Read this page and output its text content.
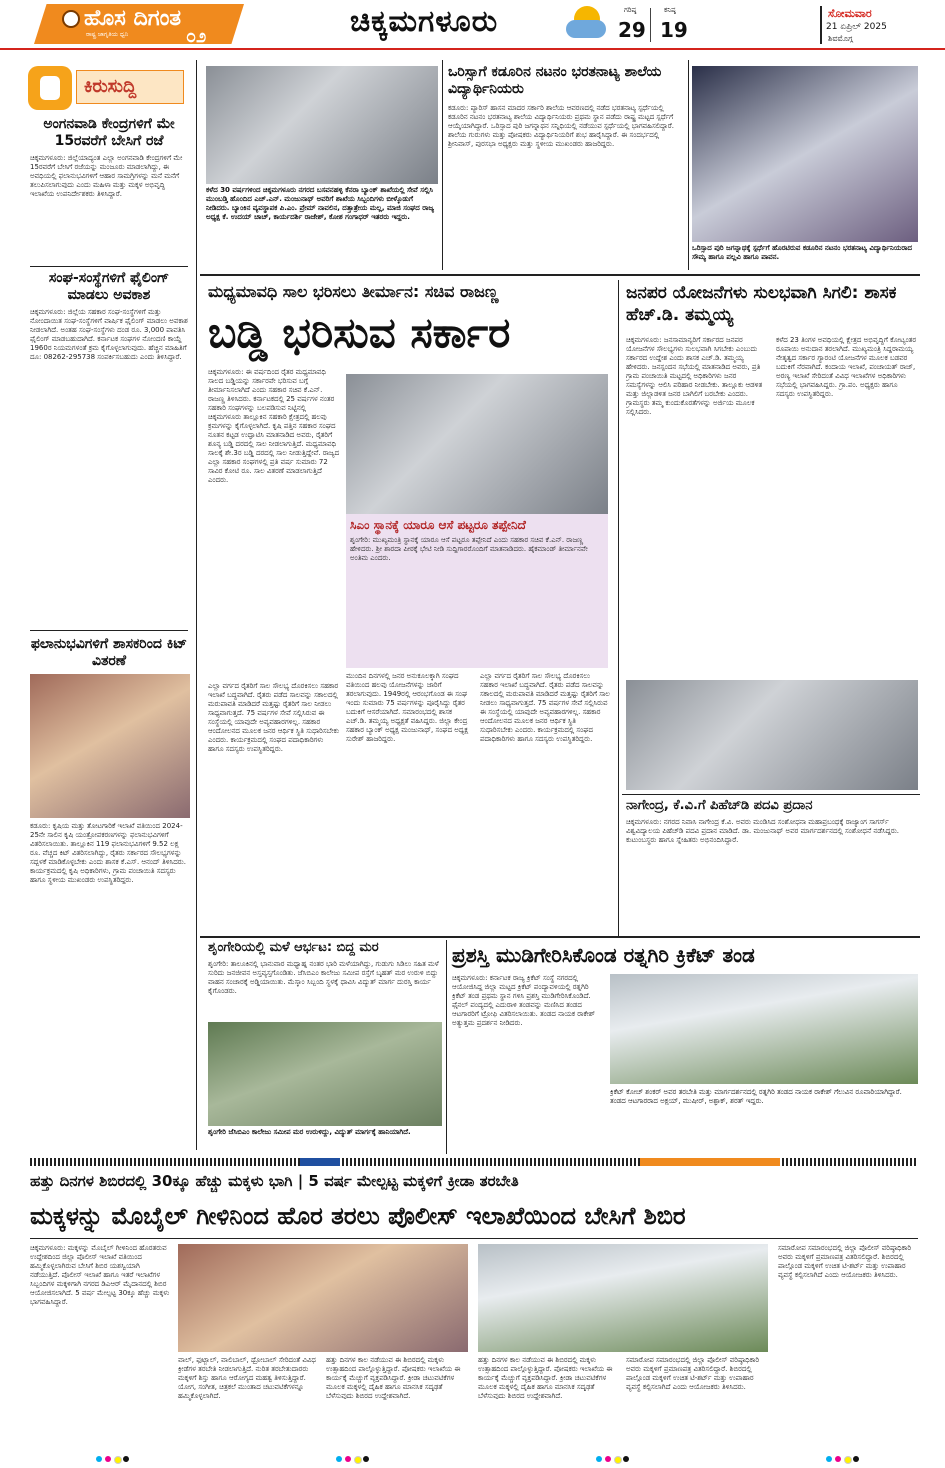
ಹೊಸ ದಿಗಂತ
ರಾಷ್ಟ್ರ ಜಾಗೃತಿಯ ಧ್ವನಿ	೦೨	ಚಿಕ್ಕಮಗಳೂರು	ಗರಿಷ್ಠ
29
ಕನಿಷ್ಠ
19
ಸೋಮವಾರ
21 ಏಪ್ರಿಲ್ 2025
ಶಿವಮೊಗ್ಗ
ಕಿರುಸುದ್ದಿ
ಅಂಗನವಾಡಿ ಕೇಂದ್ರಗಳಿಗೆ ಮೇ 15ರವರೆಗೆ ಬೇಸಿಗೆ ರಜೆ
ಚಿಕ್ಕಮಗಳೂರು: ಜಿಲ್ಲೆಯಾದ್ಯಂತ ಎಲ್ಲಾ ಅಂಗನವಾಡಿ ಕೇಂದ್ರಗಳಿಗೆ ಮೇ 15ರವರೆಗೆ ಬೇಸಿಗೆ ರಜೆಯನ್ನು ಮಂಜೂರು ಮಾಡಲಾಗಿದ್ದು, ಈ ಅವಧಿಯಲ್ಲಿ ಫಲಾನುಭವಿಗಳಿಗೆ ಆಹಾರ ಸಾಮಗ್ರಿಗಳನ್ನು ಮನೆ ಮನೆಗೆ ತಲುಪಿಸಲಾಗುವುದು ಎಂದು ಮಹಿಳಾ ಮತ್ತು ಮಕ್ಕಳ ಅಭಿವೃದ್ಧಿ ಇಲಾಖೆಯ ಉಪನಿರ್ದೇಶಕರು ತಿಳಿಸಿದ್ದಾರೆ.
ಸಂಘ-ಸಂಸ್ಥೆಗಳಿಗೆ ಫೈಲಿಂಗ್ ಮಾಡಲು ಅವಕಾಶ
ಚಿಕ್ಕಮಗಳೂರು: ಜಿಲ್ಲೆಯ ಸಹಕಾರ ಸಂಘ-ಸಂಸ್ಥೆಗಳಿಗೆ ಮತ್ತು ನೋಂದಾಯಿತ ಸಂಘ-ಸಂಸ್ಥೆಗಳಿಗೆ ವಾರ್ಷಿಕ ಫೈಲಿಂಗ್ ಮಾಡಲು ಅವಕಾಶ ನೀಡಲಾಗಿದೆ. ಅಂತಹ ಸಂಘ-ಸಂಸ್ಥೆಗಳು ದಂಡ ರೂ. 3,000 ಪಾವತಿಸಿ ಫೈಲಿಂಗ್ ಮಾಡಬಹುದಾಗಿದೆ. ಕರ್ನಾಟಕ ಸಂಘಗಳ ನೋಂದಣಿ ಕಾಯ್ದೆ 1960ರ ನಿಯಮಗಳಂತೆ ಕ್ರಮ ಕೈಗೊಳ್ಳಲಾಗುವುದು. ಹೆಚ್ಚಿನ ಮಾಹಿತಿಗೆ ದೂ: 08262-295738 ಸಂಪರ್ಕಿಸಬಹುದು ಎಂದು ತಿಳಿಸಿದ್ದಾರೆ.
ಫಲಾನುಭವಿಗಳಿಗೆ ಶಾಸಕರಿಂದ ಕಿಟ್ ವಿತರಣೆ
ಕಡೂರು: ಕೃಷಿಯ ಮತ್ತು ತೋಟಗಾರಿಕೆ ಇಲಾಖೆ ವತಿಯಿಂದ 2024-25ನೇ ಸಾಲಿನ ಕೃಷಿ ಯಂತ್ರೋಪಕರಣಗಳನ್ನು ಫಲಾನುಭವಿಗಳಿಗೆ ವಿತರಿಸಲಾಯಿತು. ತಾಲ್ಲೂಕಿನ 119 ಫಲಾನುಭವಿಗಳಿಗೆ 9.52 ಲಕ್ಷ ರೂ. ವೆಚ್ಚದ ಕಿಟ್ ವಿತರಿಸಲಾಗಿದ್ದು, ರೈತರು ಸರ್ಕಾರದ ಸೌಲಭ್ಯಗಳನ್ನು ಸದ್ಬಳಕೆ ಮಾಡಿಕೊಳ್ಳಬೇಕು ಎಂದು ಶಾಸಕ ಕೆ.ಎಸ್. ಆನಂದ್ ತಿಳಿಸಿದರು. ಕಾರ್ಯಕ್ರಮದಲ್ಲಿ ಕೃಷಿ ಅಧಿಕಾರಿಗಳು, ಗ್ರಾಮ ಪಂಚಾಯಿತಿ ಸದಸ್ಯರು ಹಾಗೂ ಸ್ಥಳೀಯ ಮುಖಂಡರು ಉಪಸ್ಥಿತರಿದ್ದರು.
ಕಳೆದ 30 ವರ್ಷಗಳಿಂದ ಚಿಕ್ಕಮಗಳೂರು ನಗರದ ಬಸವನಹಳ್ಳಿ ಕೆನರಾ ಬ್ಯಾಂಕ್ ಶಾಖೆಯಲ್ಲಿ ಸೇವೆ ಸಲ್ಲಿಸಿ ಮುಂಬಡ್ತಿ ಹೊಂದಿದ ಎಚ್.ಎನ್. ಮಂಜುನಾಥ್ ಅವರಿಗೆ ಶಾಖೆಯ ಸಿಬ್ಬಂದಿಗಳು ಬೀಳ್ಕೊಡುಗೆ ನೀಡಿದರು. ಬ್ಯಾಂಕಿನ ವ್ಯವಸ್ಥಾಪಕ ಪಿ.ಎಂ. ಪ್ರೇಮ್ ನಾವಲಿನ, ದತ್ತಾತ್ರೇಯ ಮಲ್ಲ, ಮಾಜಿ ಸಂಘದ ರಾಜ್ಯ ಅಧ್ಯಕ್ಷ ಕೆ. ಉದಯ್ ಚಾಚ್, ಕಾರ್ಯದರ್ಶಿ ರಾಜೇಶ್, ಕೋಶ ಗಂಗಾಧರ್ ಇತರರು ಇದ್ದರು.
ಒರಿಸ್ಸಾಗೆ ಕಡೂರಿನ ನಟನಂ ಭರತನಾಟ್ಯ ಶಾಲೆಯ ವಿದ್ಯಾರ್ಥಿನಿಯರು
ಕಡೂರು: ಪ್ಯಾರಿಸ್ ಹಾಸನ ಮಾದರ ಸರ್ಕಾರಿ ಶಾಲೆಯ ಆವರಣದಲ್ಲಿ ನಡೆದ ಭರತನಾಟ್ಯ ಸ್ಪರ್ಧೆಯಲ್ಲಿ ಕಡೂರಿನ ನಟನಂ ಭರತನಾಟ್ಯ ಶಾಲೆಯ ವಿದ್ಯಾರ್ಥಿನಿಯರು ಪ್ರಥಮ ಸ್ಥಾನ ಪಡೆದು ರಾಷ್ಟ್ರ ಮಟ್ಟದ ಸ್ಪರ್ಧೆಗೆ ಆಯ್ಕೆಯಾಗಿದ್ದಾರೆ. ಒರಿಸ್ಸಾದ ಪುರಿ ಜಗನ್ನಾಥನ ಸನ್ನಿಧಿಯಲ್ಲಿ ನಡೆಯುವ ಸ್ಪರ್ಧೆಯಲ್ಲಿ ಭಾಗವಹಿಸಲಿದ್ದಾರೆ. ಶಾಲೆಯ ಗುರುಗಳು ಮತ್ತು ಪೋಷಕರು ವಿದ್ಯಾರ್ಥಿನಿಯರಿಗೆ ಶುಭ ಹಾರೈಸಿದ್ದಾರೆ. ಈ ಸಂದರ್ಭದಲ್ಲಿ ಶ್ರೀನಿವಾಸ್, ಪುರಸಭಾ ಅಧ್ಯಕ್ಷರು ಮತ್ತು ಸ್ಥಳೀಯ ಮುಖಂಡರು ಹಾಜರಿದ್ದರು.
ಒರಿಸ್ಸಾದ ಪುರಿ ಜಗನ್ನಾಥಕ್ಕೆ ಸ್ಪರ್ಧೆಗೆ ಹೊರಟಿರುವ ಕಡೂರಿನ ನಟನಂ ಭರತನಾಟ್ಯ ವಿದ್ಯಾರ್ಥಿನಿಯರಾದ ಸೌಮ್ಯ ಹಾಗೂ ಪಲ್ಲವಿ ಹಾಗೂ ಪಾವನ.
ಮಧ್ಯಮಾವಧಿ ಸಾಲ ಭರಿಸಲು ತೀರ್ಮಾನ: ಸಚಿವ ರಾಜಣ್ಣ
ಬಡ್ಡಿ ಭರಿಸುವ ಸರ್ಕಾರ
ಚಿಕ್ಕಮಗಳೂರು: ಈ ವರ್ಷದಿಂದ ರೈತರ ಮಧ್ಯಮಾವಧಿ ಸಾಲದ ಬಡ್ಡಿಯನ್ನು ಸರ್ಕಾರವೇ ಭರಿಸುವ ಬಗ್ಗೆ ತೀರ್ಮಾನಿಸಲಾಗಿದೆ ಎಂದು ಸಹಕಾರ ಸಚಿವ ಕೆ.ಎನ್. ರಾಜಣ್ಣ ತಿಳಿಸಿದರು. ಕರ್ನಾಟಕದಲ್ಲಿ 25 ವರ್ಷಗಳ ನಂತರ ಸಹಕಾರಿ ಸಂಘಗಳನ್ನು ಬಲಪಡಿಸುವ ನಿಟ್ಟಿನಲ್ಲಿ ಚಿಕ್ಕಮಗಳೂರು ತಾಲ್ಲೂಕಿನ ಸಹಕಾರಿ ಕ್ಷೇತ್ರದಲ್ಲಿ ಹಲವು ಕ್ರಮಗಳನ್ನು ಕೈಗೊಳ್ಳಲಾಗಿದೆ. ಕೃಷಿ ಪತ್ತಿನ ಸಹಕಾರ ಸಂಘದ ನೂತನ ಕಟ್ಟಡ ಉದ್ಘಾಟಿಸಿ ಮಾತನಾಡಿದ ಅವರು, ರೈತರಿಗೆ ಶೂನ್ಯ ಬಡ್ಡಿ ದರದಲ್ಲಿ ಸಾಲ ನೀಡಲಾಗುತ್ತಿದೆ. ಮಧ್ಯಮಾವಧಿ ಸಾಲಕ್ಕೆ ಶೇ.3ರ ಬಡ್ಡಿ ದರದಲ್ಲಿ ಸಾಲ ನೀಡುತ್ತಿದ್ದೇವೆ. ರಾಜ್ಯದ ಎಲ್ಲಾ ಸಹಕಾರ ಸಂಘಗಳಲ್ಲಿ ಪ್ರತಿ ವರ್ಷ ಸುಮಾರು 72 ಸಾವಿರ ಕೋಟಿ ರೂ. ಸಾಲ ವಿತರಣೆ ಮಾಡಲಾಗುತ್ತಿದೆ ಎಂದರು.
ಸಿಎಂ ಸ್ಥಾನಕ್ಕೆ ಯಾರೂ ಆಸೆ ಪಟ್ಟರೂ ತಪ್ಪೇನಿದೆ
ಶೃಂಗೇರಿ: ಮುಖ್ಯಮಂತ್ರಿ ಸ್ಥಾನಕ್ಕೆ ಯಾರೂ ಆಸೆ ಪಟ್ಟರೂ ತಪ್ಪೇನಿದೆ ಎಂದು ಸಹಕಾರ ಸಚಿವ ಕೆ.ಎನ್. ರಾಜಣ್ಣ ಹೇಳಿದರು. ಶ್ರೀ ಶಾರದಾ ಪೀಠಕ್ಕೆ ಭೇಟಿ ನೀಡಿ ಸುದ್ದಿಗಾರರೊಂದಿಗೆ ಮಾತನಾಡಿದರು. ಹೈಕಮಾಂಡ್ ತೀರ್ಮಾನವೇ ಅಂತಿಮ ಎಂದರು.
ಎಲ್ಲಾ ವರ್ಗದ ರೈತರಿಗೆ ಸಾಲ ಸೌಲಭ್ಯ ದೊರಕಿಸಲು ಸಹಕಾರ ಇಲಾಖೆ ಬದ್ಧವಾಗಿದೆ. ರೈತರು ಪಡೆದ ಸಾಲವನ್ನು ಸಕಾಲದಲ್ಲಿ ಮರುಪಾವತಿ ಮಾಡಿದರೆ ಮತ್ತಷ್ಟು ರೈತರಿಗೆ ಸಾಲ ನೀಡಲು ಸಾಧ್ಯವಾಗುತ್ತದೆ. 75 ವರ್ಷಗಳ ಸೇವೆ ಸಲ್ಲಿಸಿರುವ ಈ ಸಂಸ್ಥೆಯಲ್ಲಿ ಯಾವುದೇ ಅವ್ಯವಹಾರಗಳಿಲ್ಲ. ಸಹಕಾರ ಆಂದೋಲನದ ಮೂಲಕ ಜನರ ಆರ್ಥಿಕ ಸ್ಥಿತಿ ಸುಧಾರಿಸಬೇಕು ಎಂದರು. ಕಾರ್ಯಕ್ರಮದಲ್ಲಿ ಸಂಘದ ಪದಾಧಿಕಾರಿಗಳು ಹಾಗೂ ಸದಸ್ಯರು ಉಪಸ್ಥಿತರಿದ್ದರು.
ಮುಂದಿನ ದಿನಗಳಲ್ಲಿ ಜನರ ಅನುಕೂಲಕ್ಕಾಗಿ ಸಂಘದ ವತಿಯಿಂದ ಹಲವು ಯೋಜನೆಗಳನ್ನು ಜಾರಿಗೆ ತರಲಾಗುವುದು. 1949ರಲ್ಲಿ ಆರಂಭಗೊಂಡ ಈ ಸಂಘ ಇಂದು ಸುಮಾರು 75 ವರ್ಷಗಳನ್ನು ಪೂರೈಸಿದ್ದು ರೈತರ ಬದುಕಿಗೆ ಆಸರೆಯಾಗಿದೆ. ಸಮಾರಂಭದಲ್ಲಿ ಶಾಸಕ ಎಚ್.ಡಿ. ತಮ್ಮಯ್ಯ ಅಧ್ಯಕ್ಷತೆ ವಹಿಸಿದ್ದರು. ಜಿಲ್ಲಾ ಕೇಂದ್ರ ಸಹಕಾರ ಬ್ಯಾಂಕ್ ಅಧ್ಯಕ್ಷ ಮಂಜುನಾಥ್, ಸಂಘದ ಅಧ್ಯಕ್ಷ ಸುರೇಶ್ ಹಾಜರಿದ್ದರು.
ಎಲ್ಲಾ ವರ್ಗದ ರೈತರಿಗೆ ಸಾಲ ಸೌಲಭ್ಯ ದೊರಕಿಸಲು ಸಹಕಾರ ಇಲಾಖೆ ಬದ್ಧವಾಗಿದೆ. ರೈತರು ಪಡೆದ ಸಾಲವನ್ನು ಸಕಾಲದಲ್ಲಿ ಮರುಪಾವತಿ ಮಾಡಿದರೆ ಮತ್ತಷ್ಟು ರೈತರಿಗೆ ಸಾಲ ನೀಡಲು ಸಾಧ್ಯವಾಗುತ್ತದೆ. 75 ವರ್ಷಗಳ ಸೇವೆ ಸಲ್ಲಿಸಿರುವ ಈ ಸಂಸ್ಥೆಯಲ್ಲಿ ಯಾವುದೇ ಅವ್ಯವಹಾರಗಳಿಲ್ಲ. ಸಹಕಾರ ಆಂದೋಲನದ ಮೂಲಕ ಜನರ ಆರ್ಥಿಕ ಸ್ಥಿತಿ ಸುಧಾರಿಸಬೇಕು ಎಂದರು. ಕಾರ್ಯಕ್ರಮದಲ್ಲಿ ಸಂಘದ ಪದಾಧಿಕಾರಿಗಳು ಹಾಗೂ ಸದಸ್ಯರು ಉಪಸ್ಥಿತರಿದ್ದರು.
ಜನಪರ ಯೋಜನೆಗಳು ಸುಲಭವಾಗಿ ಸಿಗಲಿ: ಶಾಸಕ ಹೆಚ್.ಡಿ. ತಮ್ಮಯ್ಯ
ಚಿಕ್ಕಮಗಳೂರು: ಜನಸಾಮಾನ್ಯರಿಗೆ ಸರ್ಕಾರದ ಜನಪರ ಯೋಜನೆಗಳ ಸೌಲಭ್ಯಗಳು ಸುಲಭವಾಗಿ ಸಿಗಬೇಕು ಎಂಬುದು ಸರ್ಕಾರದ ಉದ್ದೇಶ ಎಂದು ಶಾಸಕ ಎಚ್.ಡಿ. ತಮ್ಮಯ್ಯ ಹೇಳಿದರು. ಜನಸ್ಪಂದನ ಸಭೆಯಲ್ಲಿ ಮಾತನಾಡಿದ ಅವರು, ಪ್ರತಿ ಗ್ರಾಮ ಪಂಚಾಯಿತಿ ಮಟ್ಟದಲ್ಲಿ ಅಧಿಕಾರಿಗಳು ಜನರ ಸಮಸ್ಯೆಗಳನ್ನು ಆಲಿಸಿ ಪರಿಹಾರ ನೀಡಬೇಕು. ತಾಲ್ಲೂಕು ಆಡಳಿತ ಮತ್ತು ಜಿಲ್ಲಾಡಳಿತ ಜನರ ಬಾಗಿಲಿಗೆ ಬರಬೇಕು ಎಂದರು. ಗ್ರಾಮಸ್ಥರು ತಮ್ಮ ಕುಂದುಕೊರತೆಗಳನ್ನು ಅರ್ಜಿಯ ಮೂಲಕ ಸಲ್ಲಿಸಿದರು.
ಕಳೆದ 23 ತಿಂಗಳ ಅವಧಿಯಲ್ಲಿ ಕ್ಷೇತ್ರದ ಅಭಿವೃದ್ಧಿಗೆ ಕೋಟ್ಯಂತರ ರೂಪಾಯಿ ಅನುದಾನ ತರಲಾಗಿದೆ. ಮುಖ್ಯಮಂತ್ರಿ ಸಿದ್ದರಾಮಯ್ಯ ನೇತೃತ್ವದ ಸರ್ಕಾರ ಗ್ಯಾರಂಟಿ ಯೋಜನೆಗಳ ಮೂಲಕ ಬಡವರ ಬದುಕಿಗೆ ನೆರವಾಗಿದೆ. ಕಂದಾಯ ಇಲಾಖೆ, ಪಂಚಾಯತ್ ರಾಜ್, ಅರಣ್ಯ ಇಲಾಖೆ ಸೇರಿದಂತೆ ವಿವಿಧ ಇಲಾಖೆಗಳ ಅಧಿಕಾರಿಗಳು ಸಭೆಯಲ್ಲಿ ಭಾಗವಹಿಸಿದ್ದರು. ಗ್ರಾ.ಪಂ. ಅಧ್ಯಕ್ಷರು ಹಾಗೂ ಸದಸ್ಯರು ಉಪಸ್ಥಿತರಿದ್ದರು.
ನಾಗೇಂದ್ರ, ಕೆ.ವಿ.ಗೆ ಪಿಹೆಚ್‌ಡಿ ಪದವಿ ಪ್ರದಾನ
ಚಿಕ್ಕಮಗಳೂರು: ನಗರದ ನಿವಾಸಿ ನಾಗೇಂದ್ರ ಕೆ.ವಿ. ಅವರು ಮಂಡಿಸಿದ ಸಂಶೋಧನಾ ಮಹಾಪ್ರಬಂಧಕ್ಕೆ ರಾಜ್ಯಾಂಗ ಸಾಗರ್ಸ್ ವಿಶ್ವವಿದ್ಯಾಲಯ ಪಿಹೆಚ್‌ಡಿ ಪದವಿ ಪ್ರದಾನ ಮಾಡಿದೆ. ಡಾ. ಮಂಜುನಾಥ್ ಅವರ ಮಾರ್ಗದರ್ಶನದಲ್ಲಿ ಸಂಶೋಧನೆ ನಡೆಸಿದ್ದರು. ಕುಟುಂಬಸ್ಥರು ಹಾಗೂ ಸ್ನೇಹಿತರು ಅಭಿನಂದಿಸಿದ್ದಾರೆ.
ಶೃಂಗೇರಿಯಲ್ಲಿ ಮಳೆ ಆರ್ಭಟ: ಬಿದ್ದ ಮರ
ಶೃಂಗೇರಿ: ತಾಲೂಕಿನಲ್ಲಿ ಭಾನುವಾರ ಮಧ್ಯಾಹ್ನ ನಂತರ ಭಾರಿ ಮಳೆಯಾಗಿದ್ದು, ಗುಡುಗು ಸಿಡಿಲು ಸಹಿತ ಮಳೆ ಸುರಿದು ಜನಜೀವನ ಅಸ್ತವ್ಯಸ್ತಗೊಂಡಿತು. ಜೆಸಿಬಿಎಂ ಕಾಲೇಜು ಸಮೀಪ ರಸ್ತೆಗೆ ಬೃಹತ್ ಮರ ಉರುಳಿ ಬಿದ್ದು ವಾಹನ ಸಂಚಾರಕ್ಕೆ ಅಡ್ಡಿಯಾಯಿತು. ಮೆಸ್ಕಾಂ ಸಿಬ್ಬಂದಿ ಸ್ಥಳಕ್ಕೆ ಧಾವಿಸಿ ವಿದ್ಯುತ್ ಮಾರ್ಗ ದುರಸ್ತಿ ಕಾರ್ಯ ಕೈಗೊಂಡರು.
ಶೃಂಗೇರಿ ಜೆಸಿಬಿಎಂ ಕಾಲೇಜು ಸಮೀಪ ಮರ ಉರುಳಿದ್ದು, ವಿದ್ಯುತ್ ಮಾರ್ಗಕ್ಕೆ ಹಾನಿಯಾಗಿದೆ.
ಪ್ರಶಸ್ತಿ ಮುಡಿಗೇರಿಸಿಕೊಂಡ ರತ್ನಗಿರಿ ಕ್ರಿಕೆಟ್ ತಂಡ
ಚಿಕ್ಕಮಗಳೂರು: ಕರ್ನಾಟಕ ರಾಜ್ಯ ಕ್ರಿಕೆಟ್ ಸಂಸ್ಥೆ ನಗರದಲ್ಲಿ ಆಯೋಜಿಸಿದ್ದ ಜಿಲ್ಲಾ ಮಟ್ಟದ ಕ್ರಿಕೆಟ್ ಪಂದ್ಯಾವಳಿಯಲ್ಲಿ ರತ್ನಗಿರಿ ಕ್ರಿಕೆಟ್ ತಂಡ ಪ್ರಥಮ ಸ್ಥಾನ ಗಳಿಸಿ ಪ್ರಶಸ್ತಿ ಮುಡಿಗೇರಿಸಿಕೊಂಡಿದೆ. ಫೈನಲ್ ಪಂದ್ಯದಲ್ಲಿ ಎದುರಾಳಿ ತಂಡವನ್ನು ಮಣಿಸಿದ ತಂಡದ ಆಟಗಾರರಿಗೆ ಟ್ರೋಫಿ ವಿತರಿಸಲಾಯಿತು. ತಂಡದ ನಾಯಕ ರಾಕೇಶ್ ಅತ್ಯುತ್ತಮ ಪ್ರದರ್ಶನ ನೀಡಿದರು.
ಕ್ರಿಕೆಟ್ ಕೋಚ್ ಶಂಕರ್ ಅವರ ತರಬೇತಿ ಮತ್ತು ಮಾರ್ಗದರ್ಶನದಲ್ಲಿ ರತ್ನಗಿರಿ ತಂಡದ ನಾಯಕ ರಾಕೇಶ್ ಗೆಲುವಿನ ರೂವಾರಿಯಾಗಿದ್ದಾರೆ. ತಂಡದ ಆಟಗಾರರಾದ ಅಕ್ಷಯ್, ಮುಷೀರ್, ಅಶ್ಫಾಕ್, ಶರತ್ ಇದ್ದರು.
ಹತ್ತು ದಿನಗಳ ಶಿಬಿರದಲ್ಲಿ 30ಕ್ಕೂ ಹೆಚ್ಚು ಮಕ್ಕಳು ಭಾಗಿ | 5 ವರ್ಷ ಮೇಲ್ಪಟ್ಟ ಮಕ್ಕಳಿಗೆ ಕ್ರೀಡಾ ತರಬೇತಿ
ಮಕ್ಕಳನ್ನು ಮೊಬೈಲ್ ಗೀಳಿನಿಂದ ಹೊರ ತರಲು ಪೊಲೀಸ್ ಇಲಾಖೆಯಿಂದ ಬೇಸಿಗೆ ಶಿಬಿರ
ಚಿಕ್ಕಮಗಳೂರು: ಮಕ್ಕಳನ್ನು ಮೊಬೈಲ್ ಗೀಳಿನಿಂದ ಹೊರತರುವ ಉದ್ದೇಶದಿಂದ ಜಿಲ್ಲಾ ಪೊಲೀಸ್ ಇಲಾಖೆ ವತಿಯಿಂದ ಹಮ್ಮಿಕೊಳ್ಳಲಾಗಿರುವ ಬೇಸಿಗೆ ಶಿಬಿರ ಯಶಸ್ವಿಯಾಗಿ ನಡೆಯುತ್ತಿದೆ. ಪೊಲೀಸ್ ಇಲಾಖೆ ಹಾಗೂ ಇತರೆ ಇಲಾಖೆಗಳ ಸಿಬ್ಬಂದಿಗಳ ಮಕ್ಕಳಿಗಾಗಿ ನಗರದ ಡಿಎಆರ್ ಮೈದಾನದಲ್ಲಿ ಶಿಬಿರ ಆಯೋಜಿಸಲಾಗಿದೆ. 5 ವರ್ಷ ಮೇಲ್ಪಟ್ಟ 30ಕ್ಕೂ ಹೆಚ್ಚು ಮಕ್ಕಳು ಭಾಗವಹಿಸಿದ್ದಾರೆ.
ವಾಲ್, ಫುಟ್ಬಾಲ್, ವಾಲಿಬಾಲ್, ಥ್ರೋಬಾಲ್ ಸೇರಿದಂತೆ ವಿವಿಧ ಕ್ರೀಡೆಗಳ ತರಬೇತಿ ನೀಡಲಾಗುತ್ತಿದೆ. ನುರಿತ ತರಬೇತುದಾರರು ಮಕ್ಕಳಿಗೆ ಶಿಸ್ತು ಹಾಗೂ ಆರೋಗ್ಯದ ಮಹತ್ವ ತಿಳಿಸುತ್ತಿದ್ದಾರೆ. ಯೋಗ, ಸಂಗೀತ, ಚಿತ್ರಕಲೆ ಮುಂತಾದ ಚಟುವಟಿಕೆಗಳನ್ನೂ ಹಮ್ಮಿಕೊಳ್ಳಲಾಗಿದೆ.
ಹತ್ತು ದಿನಗಳ ಕಾಲ ನಡೆಯುವ ಈ ಶಿಬಿರದಲ್ಲಿ ಮಕ್ಕಳು ಉತ್ಸಾಹದಿಂದ ಪಾಲ್ಗೊಳ್ಳುತ್ತಿದ್ದಾರೆ. ಪೋಷಕರು ಇಲಾಖೆಯ ಈ ಕಾರ್ಯಕ್ಕೆ ಮೆಚ್ಚುಗೆ ವ್ಯಕ್ತಪಡಿಸಿದ್ದಾರೆ. ಕ್ರೀಡಾ ಚಟುವಟಿಕೆಗಳ ಮೂಲಕ ಮಕ್ಕಳಲ್ಲಿ ದೈಹಿಕ ಹಾಗೂ ಮಾನಸಿಕ ಸದೃಢತೆ ಬೆಳೆಸುವುದು ಶಿಬಿರದ ಉದ್ದೇಶವಾಗಿದೆ.
ಹತ್ತು ದಿನಗಳ ಕಾಲ ನಡೆಯುವ ಈ ಶಿಬಿರದಲ್ಲಿ ಮಕ್ಕಳು ಉತ್ಸಾಹದಿಂದ ಪಾಲ್ಗೊಳ್ಳುತ್ತಿದ್ದಾರೆ. ಪೋಷಕರು ಇಲಾಖೆಯ ಈ ಕಾರ್ಯಕ್ಕೆ ಮೆಚ್ಚುಗೆ ವ್ಯಕ್ತಪಡಿಸಿದ್ದಾರೆ. ಕ್ರೀಡಾ ಚಟುವಟಿಕೆಗಳ ಮೂಲಕ ಮಕ್ಕಳಲ್ಲಿ ದೈಹಿಕ ಹಾಗೂ ಮಾನಸಿಕ ಸದೃಢತೆ ಬೆಳೆಸುವುದು ಶಿಬಿರದ ಉದ್ದೇಶವಾಗಿದೆ.
ಸಮಾರೋಪ ಸಮಾರಂಭದಲ್ಲಿ ಜಿಲ್ಲಾ ಪೊಲೀಸ್ ವರಿಷ್ಠಾಧಿಕಾರಿ ಅವರು ಮಕ್ಕಳಿಗೆ ಪ್ರಮಾಣಪತ್ರ ವಿತರಿಸಲಿದ್ದಾರೆ. ಶಿಬಿರದಲ್ಲಿ ಪಾಲ್ಗೊಂಡ ಮಕ್ಕಳಿಗೆ ಉಚಿತ ಟಿ-ಶರ್ಟ್ ಮತ್ತು ಉಪಾಹಾರ ವ್ಯವಸ್ಥೆ ಕಲ್ಪಿಸಲಾಗಿದೆ ಎಂದು ಆಯೋಜಕರು ತಿಳಿಸಿದರು.
ಸಮಾರೋಪ ಸಮಾರಂಭದಲ್ಲಿ ಜಿಲ್ಲಾ ಪೊಲೀಸ್ ವರಿಷ್ಠಾಧಿಕಾರಿ ಅವರು ಮಕ್ಕಳಿಗೆ ಪ್ರಮಾಣಪತ್ರ ವಿತರಿಸಲಿದ್ದಾರೆ. ಶಿಬಿರದಲ್ಲಿ ಪಾಲ್ಗೊಂಡ ಮಕ್ಕಳಿಗೆ ಉಚಿತ ಟಿ-ಶರ್ಟ್ ಮತ್ತು ಉಪಾಹಾರ ವ್ಯವಸ್ಥೆ ಕಲ್ಪಿಸಲಾಗಿದೆ ಎಂದು ಆಯೋಜಕರು ತಿಳಿಸಿದರು.
